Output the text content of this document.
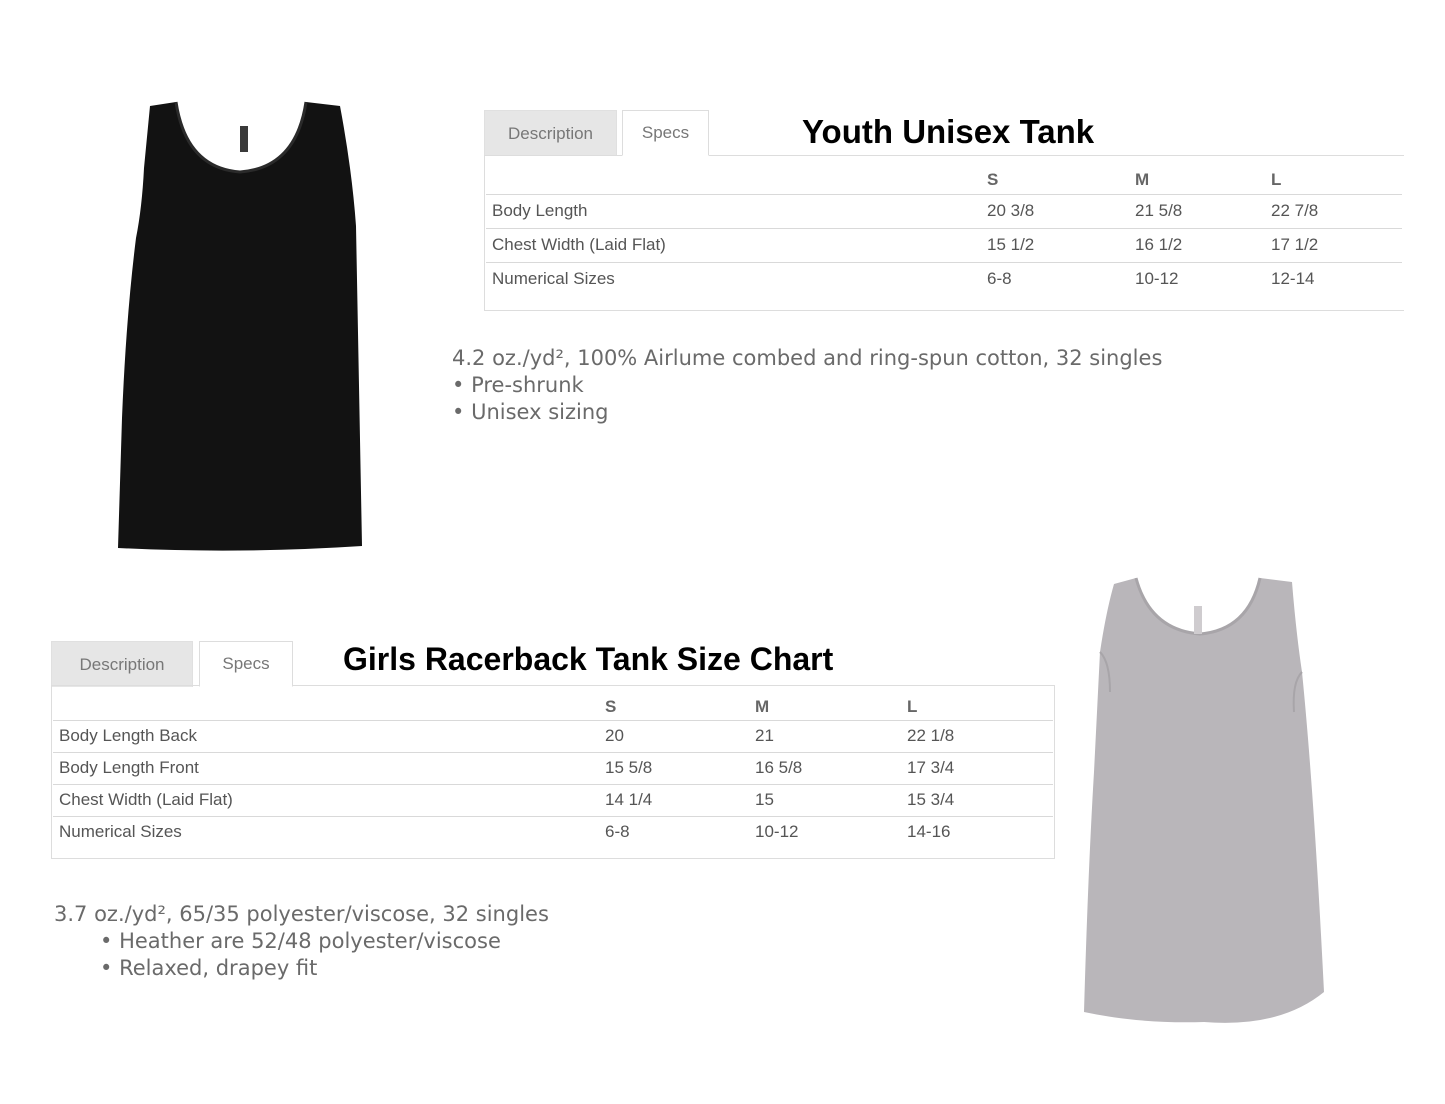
Description	Specs	Youth Unisex Tank
	S	M	L
Body Length	20 3/8	21 5/8	22 7/8
Chest Width (Laid Flat)	15 1/2	16 1/2	17 1/2
Numerical Sizes	6-8	10-12	12-14
4.2 oz./yd², 100% Airlume combed and ring-spun cotton, 32 singles
• Pre-shrunk
• Unisex sizing
Description	Specs	Girls Racerback Tank Size Chart
	S	M	L
Body Length Back	20	21	22 1/8
Body Length Front	15 5/8	16 5/8	17 3/4
Chest Width (Laid Flat)	14 1/4	15	15 3/4
Numerical Sizes	6-8	10-12	14-16
3.7 oz./yd², 65/35 polyester/viscose, 32 singles
• Heather are 52/48 polyester/viscose
• Relaxed, drapey fit
